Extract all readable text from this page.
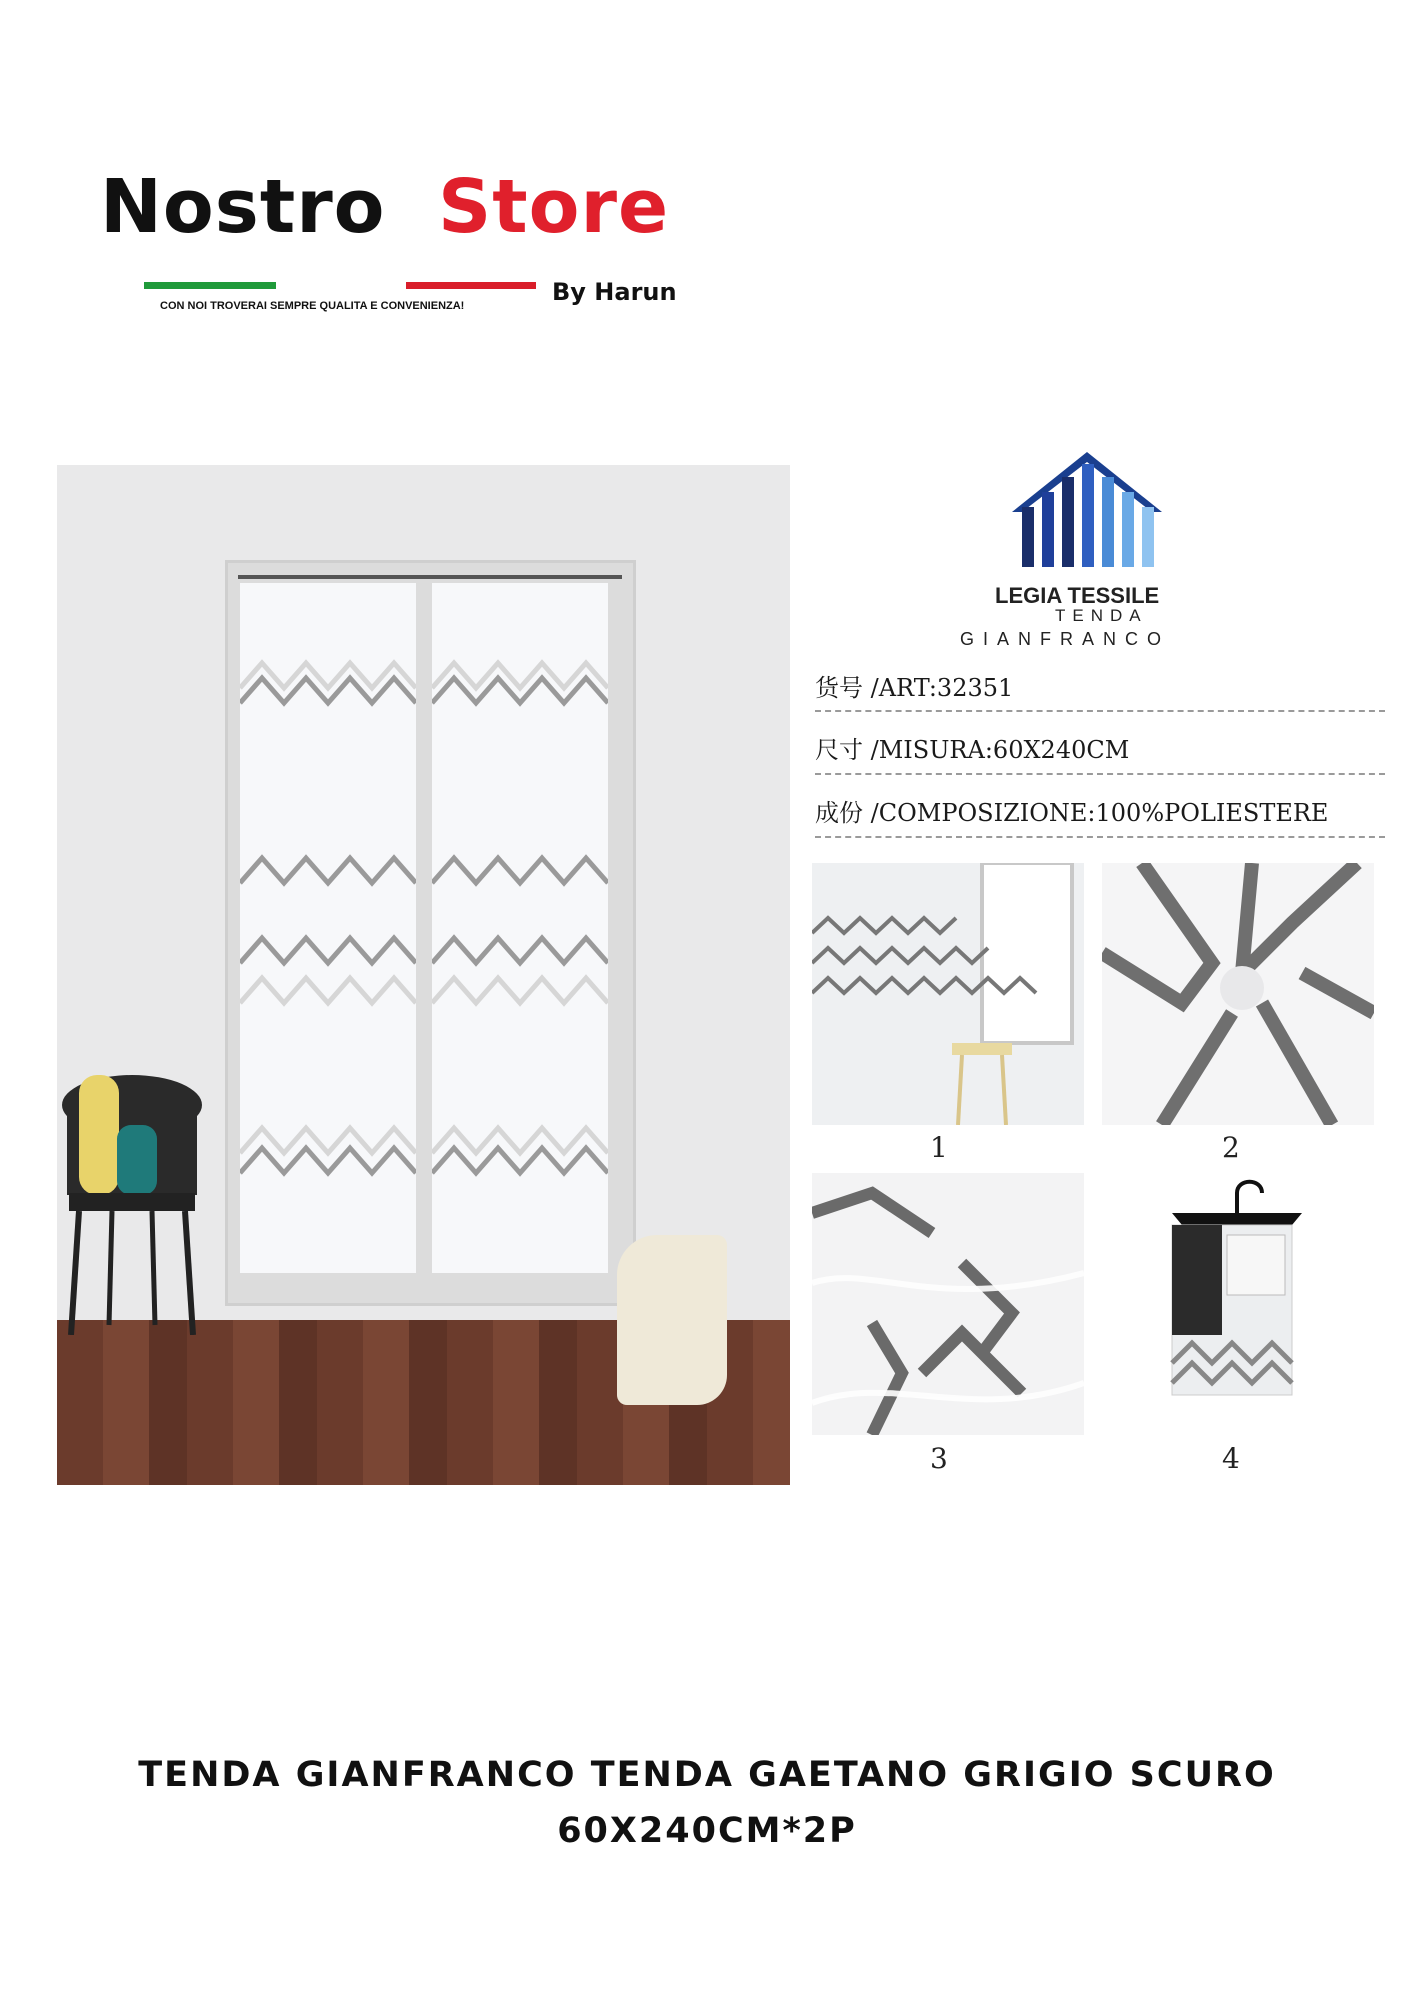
Nostro Store
CON NOI TROVERAI SEMPRE QUALITA E CONVENIENZA!	By Harun
LEGIA TESSILE
TENDA
GIANFRANCO
货号 /ART:32351
尺寸 /MISURA:60X240CM
成份 /COMPOSIZIONE:100%POLIESTERE
1	2
3	4
TENDA GIANFRANCO TENDA GAETANO GRIGIO SCURO
60X240CM*2P
